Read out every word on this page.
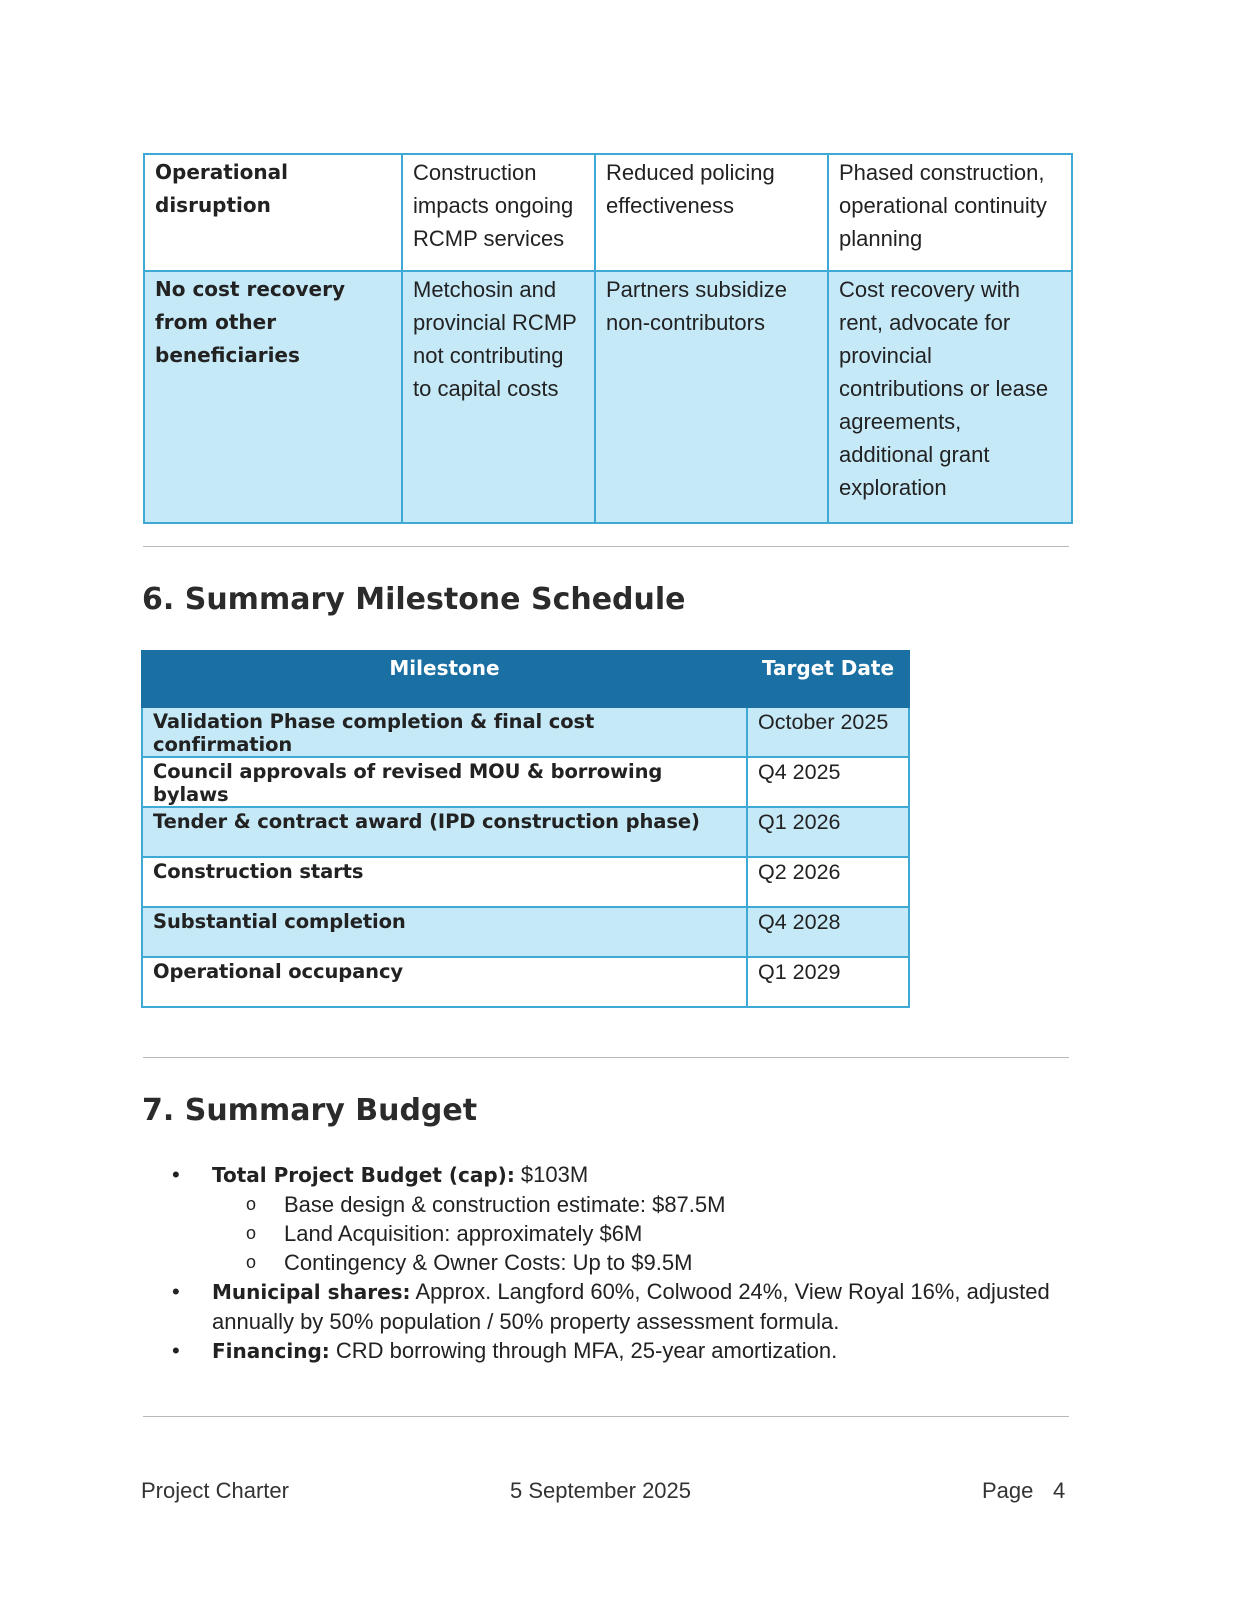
Operational disruption	Construction impacts ongoing RCMP services	Reduced policing effectiveness	Phased construction, operational continuity planning
No cost recovery from other beneficiaries	Metchosin and provincial RCMP not contributing to capital costs	Partners subsidize non-contributors	Cost recovery with rent, advocate for provincial contributions or lease agreements, additional grant exploration
6. Summary Milestone Schedule
Milestone	Target Date
Validation Phase completion & final cost confirmation	October 2025
Council approvals of revised MOU & borrowing bylaws	Q4 2025
Tender & contract award (IPD construction phase)	Q1 2026
Construction starts	Q2 2026
Substantial completion	Q4 2028
Operational occupancy	Q1 2029
7. Summary Budget
• Total Project Budget (cap): $103M
o Base design & construction estimate: $87.5M
o Land Acquisition: approximately $6M
o Contingency & Owner Costs: Up to $9.5M
• Municipal shares: Approx. Langford 60%, Colwood 24%, View Royal 16%, adjusted annually by 50% population / 50% property assessment formula.
• Financing: CRD borrowing through MFA, 25-year amortization.
Project Charter	5 September 2025	Page 4
